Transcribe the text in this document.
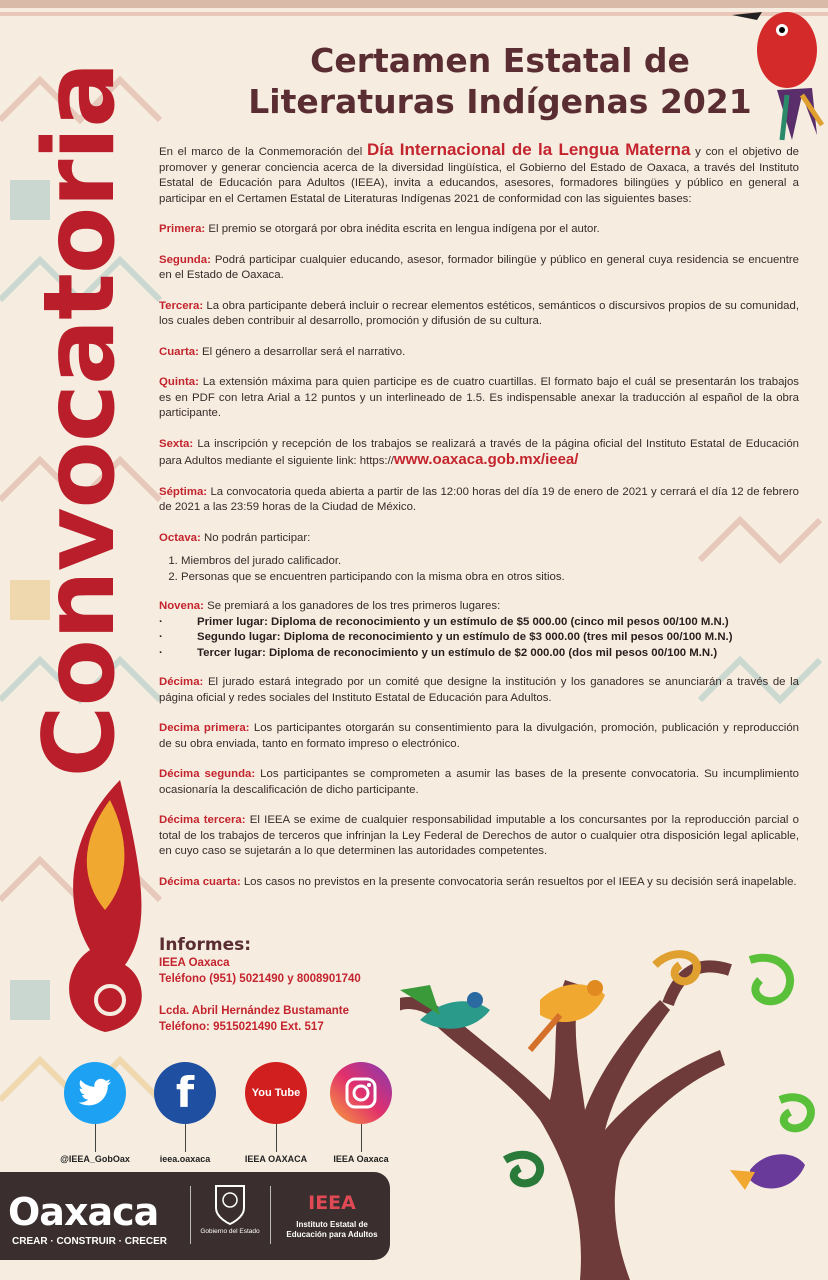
Convocatoria
Certamen Estatal de
Literaturas Indígenas 2021

En el marco de la Conmemoración del Día Internacional de la Lengua Materna y con el objetivo de promover y generar conciencia acerca de la diversidad lingüística, el Gobierno del Estado de Oaxaca, a través del Instituto Estatal de Educación para Adultos (IEEA), invita a educandos, asesores, formadores bilingües y público en general a participar en el Certamen Estatal de Literaturas Indígenas 2021 de conformidad con las siguientes bases:

Primera: El premio se otorgará por obra inédita escrita en lengua indígena por el autor.

Segunda: Podrá participar cualquier educando, asesor, formador bilingüe y público en general cuya residencia se encuentre en el Estado de Oaxaca.

Tercera: La obra participante deberá incluir o recrear elementos estéticos, semánticos o discursivos propios de su comunidad, los cuales deben contribuir al desarrollo, promoción y difusión de su cultura.

Cuarta: El género a desarrollar será el narrativo.

Quinta: La extensión máxima para quien participe es de cuatro cuartillas. El formato bajo el cuál se presentarán los trabajos es en PDF con letra Arial a 12 puntos y un interlineado de 1.5. Es indispensable anexar la traducción al español de la obra participante.

Sexta: La inscripción y recepción de los trabajos se realizará a través de la página oficial del Instituto Estatal de Educación para Adultos mediante el siguiente link: https://www.oaxaca.gob.mx/ieea/

Séptima: La convocatoria queda abierta a partir de las 12:00 horas del día 19 de enero de 2021 y cerrará el día 12 de febrero de 2021 a las 23:59 horas de la Ciudad de México.

Octava: No podrán participar:

1. Miembros del jurado calificador.
2. Personas que se encuentren participando con la misma obra en otros sitios.

Novena: Se premiará a los ganadores de los tres primeros lugares:

· Primer lugar: Diploma de reconocimiento y un estímulo de $5 000.00 (cinco mil pesos 00/100 M.N.)
· Segundo lugar: Diploma de reconocimiento y un estímulo de $3 000.00 (tres mil pesos 00/100 M.N.)
· Tercer lugar: Diploma de reconocimiento y un estímulo de $2 000.00 (dos mil pesos 00/100 M.N.)

Décima: El jurado estará integrado por un comité que designe la institución y los ganadores se anunciarán a través de la página oficial y redes sociales del Instituto Estatal de Educación para Adultos.

Decima primera: Los participantes otorgarán su consentimiento para la divulgación, promoción, publicación y reproducción de su obra enviada, tanto en formato impreso o electrónico.

Décima segunda: Los participantes se comprometen a asumir las bases de la presente convocatoria. Su incumplimiento ocasionaría la descalificación de dicho participante.

Décima tercera: El IEEA se exime de cualquier responsabilidad imputable a los concursantes por la reproducción parcial o total de los trabajos de terceros que infrinjan la Ley Federal de Derechos de autor o cualquier otra disposición legal aplicable, en cuyo caso se sujetarán a lo que determinen las autoridades competentes.

Décima cuarta: Los casos no previstos en la presente convocatoria serán resueltos por el IEEA y su decisión será inapelable.

Informes:
IEEA Oaxaca
Teléfono (951) 5021490 y 8008901740
Lcda. Abril Hernández Bustamante
Teléfono: 9515021490 Ext. 517
@IEEA_GobOax
f
ieea.oaxaca
You Tube
IEEA OAXACA	IEEA Oaxaca
Oaxaca
CREAR · CONSTRUIR · CRECER
Gobierno del Estado
IEEA
Instituto Estatal de Educación para Adultos
